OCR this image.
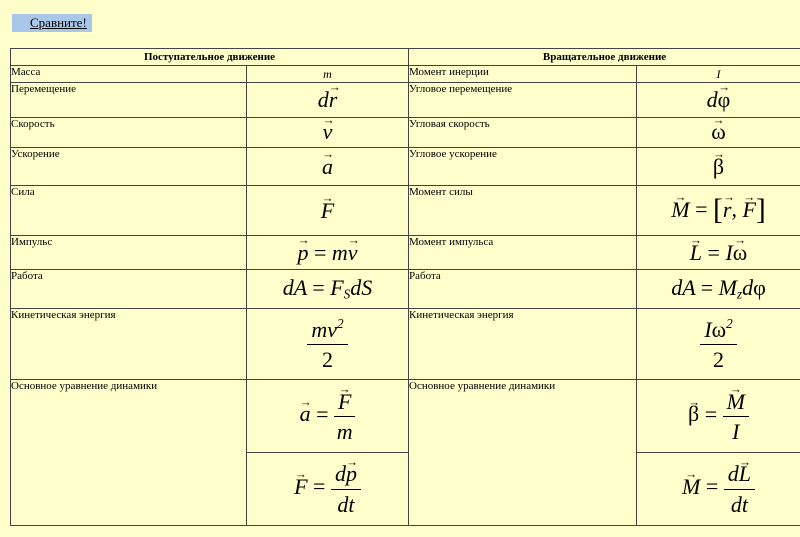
Сравните!
Поступательное движение		Вращательное движение	
Масса	m	Момент инерции	I
Перемещение	d→ r	Угловое перемещение	d→ φ
Скорость	→ v	Угловая скорость	→ ω
Ускорение	→ a	Угловое ускорение	→ β
Сила	→ F	Момент силы	→ M = [→ r, → F]
Импульс	→ p = m→ v	Момент импульса	→ L = I→ ω
Работа	dA = $F_SdS$	Работа	dA = $M_zd\varphi$
Кинетическая энергия	$\frac{mv^2}{2}$	Кинетическая энергия	$\frac{I\omega^2}{2}$

Основное уравнение динамики	→ a = → $\frac{F}{m}$	Основное уравнение динамики	→ β = → $\frac{M}{I}$

	→ $F = \frac{d\to p}{dt}$		→ $M = \frac{d\to L}{dt}$
